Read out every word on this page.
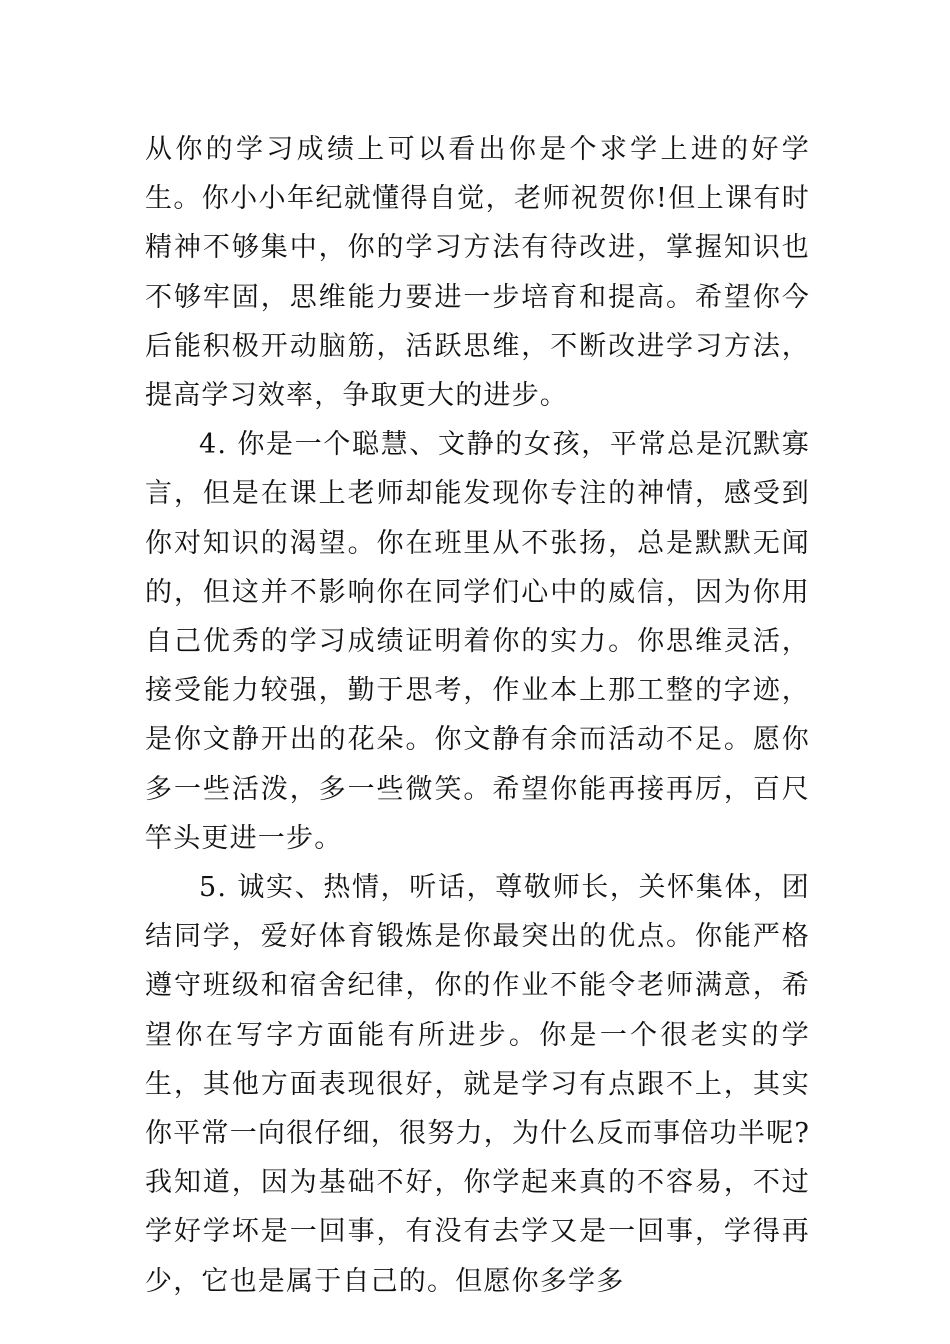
从你的学习成绩上可以看出你是个求学上进的好学生。你小小年纪就懂得自觉，老师祝贺你!但上课有时精神不够集中，你的学习方法有待改进，掌握知识也不够牢固，思维能力要进一步培育和提高。希望你今后能积极开动脑筋，活跃思维，不断改进学习方法，提高学习效率，争取更大的进步。

4. 你是一个聪慧、文静的女孩，平常总是沉默寡言，但是在课上老师却能发现你专注的神情，感受到你对知识的渴望。你在班里从不张扬，总是默默无闻的，但这并不影响你在同学们心中的威信，因为你用自己优秀的学习成绩证明着你的实力。你思维灵活，接受能力较强，勤于思考，作业本上那工整的字迹，是你文静开出的花朵。你文静有余而活动不足。愿你多一些活泼，多一些微笑。希望你能再接再厉，百尺竿头更进一步。

5. 诚实、热情，听话，尊敬师长，关怀集体，团结同学，爱好体育锻炼是你最突出的优点。你能严格遵守班级和宿舍纪律，你的作业不能令老师满意，希望你在写字方面能有所进步。你是一个很老实的学生，其他方面表现很好，就是学习有点跟不上，其实你平常一向很仔细，很努力，为什么反而事倍功半呢?我知道，因为基础不好，你学起来真的不容易，不过学好学坏是一回事，有没有去学又是一回事，学得再少，它也是属于自己的。但愿你多学多
